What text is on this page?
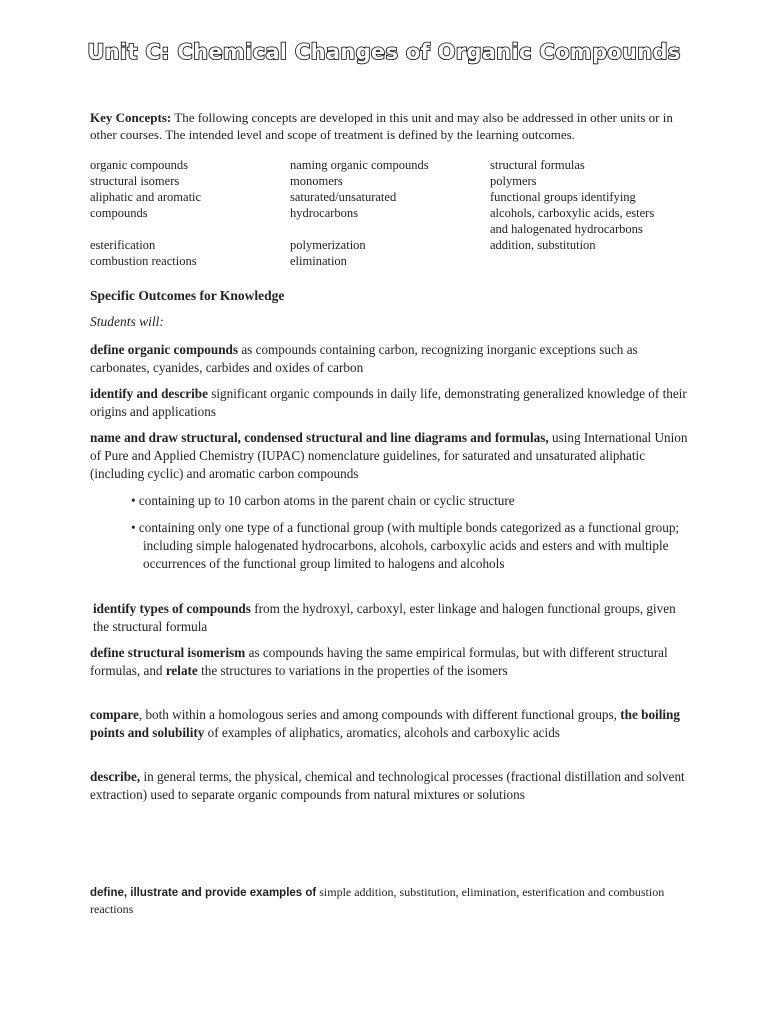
Unit C: Chemical Changes of Organic Compounds
Key Concepts: The following concepts are developed in this unit and may also be addressed in other units or in other courses. The intended level and scope of treatment is defined by the learning outcomes.
organic compounds	naming organic compounds	structural formulas
structural isomers	monomers	polymers
aliphatic and aromatic	saturated/unsaturated	functional groups identifying
compounds	hydrocarbons	alcohols, carboxylic acids, esters
and halogenated hydrocarbons
esterification	polymerization	addition, substitution
combustion reactions	elimination
Specific Outcomes for Knowledge
Students will:
define organic compounds as compounds containing carbon, recognizing inorganic exceptions such as carbonates, cyanides, carbides and oxides of carbon
identify and describe significant organic compounds in daily life, demonstrating generalized knowledge of their origins and applications
name and draw structural, condensed structural and line diagrams and formulas, using International Union of Pure and Applied Chemistry (IUPAC) nomenclature guidelines, for saturated and unsaturated aliphatic (including cyclic) and aromatic carbon compounds
• containing up to 10 carbon atoms in the parent chain or cyclic structure
• containing only one type of a functional group (with multiple bonds categorized as a functional group; including simple halogenated hydrocarbons, alcohols, carboxylic acids and esters and with multiple occurrences of the functional group limited to halogens and alcohols
identify types of compounds from the hydroxyl, carboxyl, ester linkage and halogen functional groups, given the structural formula
define structural isomerism as compounds having the same empirical formulas, but with different structural formulas, and relate the structures to variations in the properties of the isomers
compare, both within a homologous series and among compounds with different functional groups, the boiling points and solubility of examples of aliphatics, aromatics, alcohols and carboxylic acids
describe, in general terms, the physical, chemical and technological processes (fractional distillation and solvent extraction) used to separate organic compounds from natural mixtures or solutions
define, illustrate and provide examples of simple addition, substitution, elimination, esterification and combustion reactions
